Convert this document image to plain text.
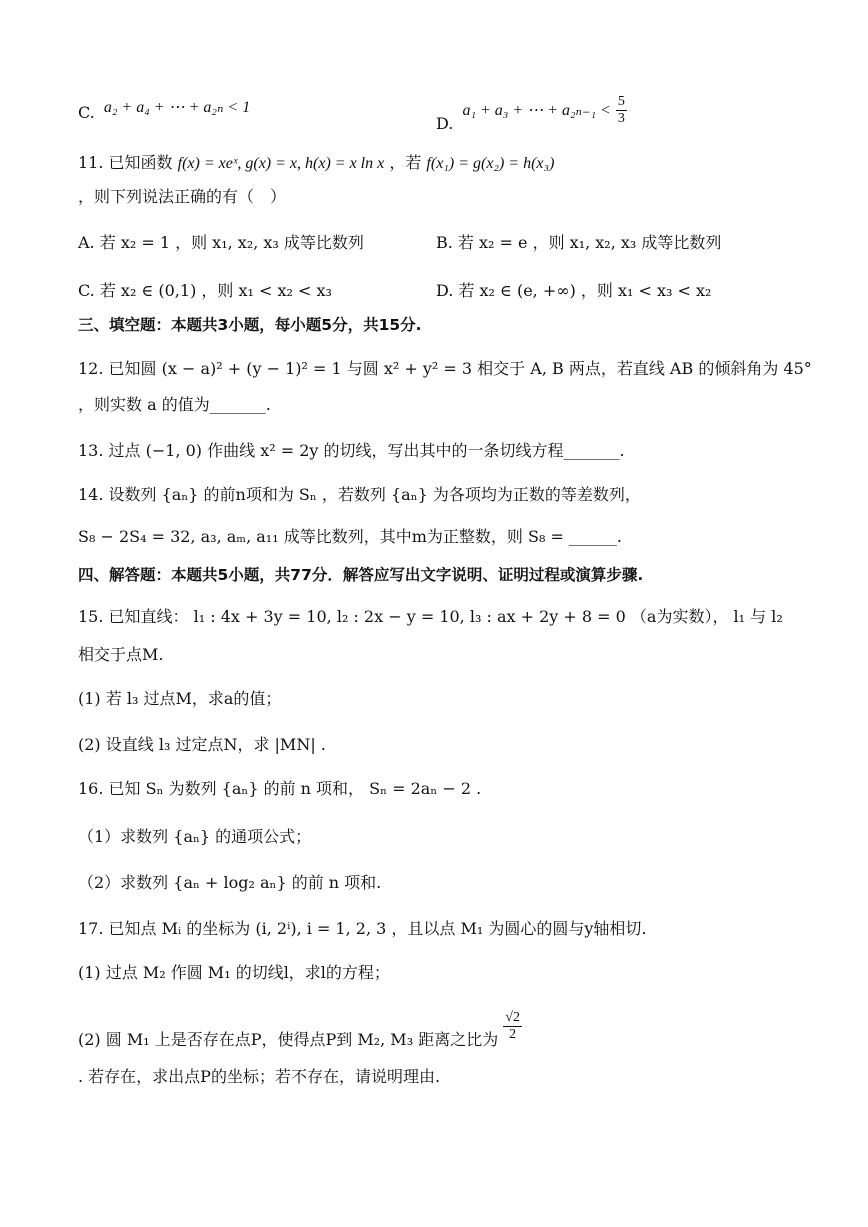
C. a₂ + a₄ + ⋯ + a₂ₙ < 1
D. a₁ + a₃ + ⋯ + $a_{2n-1} < \frac{5}{3}$
11. 已知函数 f(x) = xeˣ, g(x) = x, h(x) = x ln x ，若 f(x₁) = g(x₂) = h(x₃)
，则下列说法正确的有（　）
A. 若 x₂ = 1 ，则 x₁, x₂, x₃ 成等比数列	B. 若 x₂ = e ，则 x₁, x₂, x₃ 成等比数列
C. 若 x₂ ∈ (0,1) ，则 x₁ < x₂ < x₃	D. 若 x₂ ∈ (e, +∞) ，则 x₁ < x₃ < x₂
三、填空题：本题共3小题，每小题5分，共15分.
12. 已知圆 (x − a)² + (y − 1)² = 1 与圆 x² + y² = 3 相交于 A, B 两点，若直线 AB 的倾斜角为 45°
，则实数 a 的值为_______.
13. 过点 (−1, 0) 作曲线 x² = 2y 的切线，写出其中的一条切线方程_______.
14. 设数列 {aₙ} 的前n项和为 Sₙ ，若数列 {aₙ} 为各项均为正数的等差数列，
S₈ − 2S₄ = 32, a₃, aₘ, a₁₁ 成等比数列，其中m为正整数，则 S₈ = ______.
四、解答题：本题共5小题，共77分．解答应写出文字说明、证明过程或演算步骤.
15. 已知直线： l₁ : 4x + 3y = 10, l₂ : 2x − y = 10, l₃ : ax + 2y + 8 = 0 （a为实数）， l₁ 与 l₂
相交于点M.
(1) 若 l₃ 过点M，求a的值；
(2) 设直线 l₃ 过定点N，求 |MN| .
16. 已知 Sₙ 为数列 {aₙ} 的前 n 项和， Sₙ = 2aₙ − 2 .
（1）求数列 {aₙ} 的通项公式；
（2）求数列 {aₙ + log₂ aₙ} 的前 n 项和.
17. 已知点 Mᵢ 的坐标为 (i, 2ⁱ), i = 1, 2, 3 ，且以点 M₁ 为圆心的圆与y轴相切.
(1) 过点 M₂ 作圆 M₁ 的切线l，求l的方程；
(2) 圆 M₁ 上是否存在点P，使得点P到 M₂, M₃ 距离之比为 $\frac{√2}{2}$
. 若存在，求出点P的坐标；若不存在，请说明理由.
